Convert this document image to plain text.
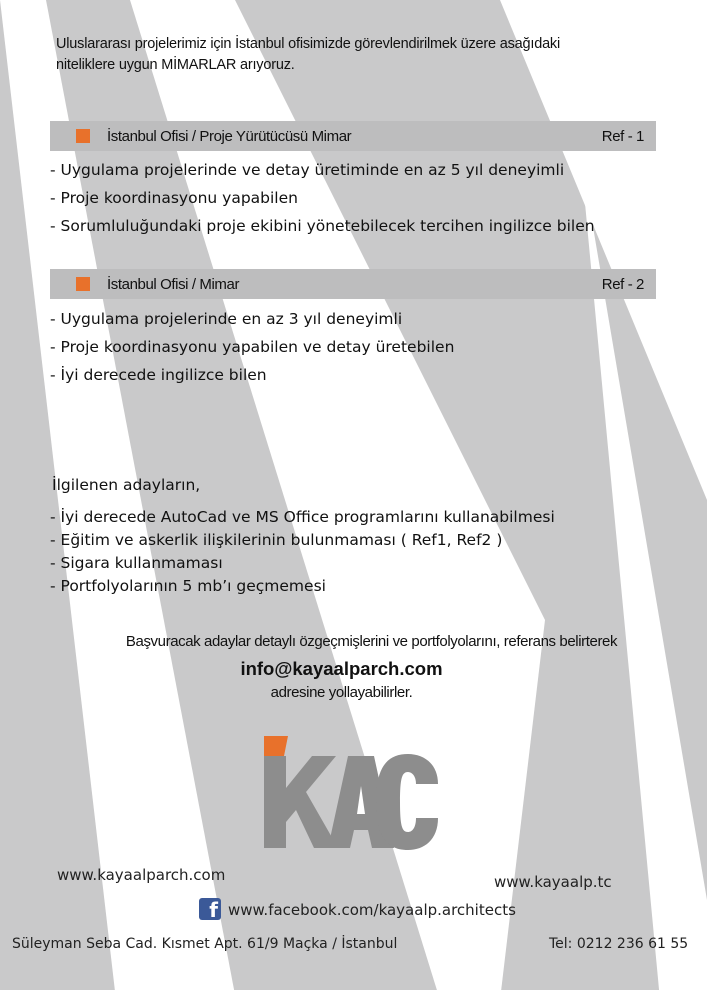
Uluslararası projelerimiz için İstanbul ofisimizde görevlendirilmek üzere asağıdaki

niteliklere uygun MİMARLAR arıyoruz.

İstanbul Ofisi / Proje Yürütücüsü Mimar	Ref - 1
- Uygulama projelerinde ve detay üretiminde en az 5 yıl deneyimli
- Proje koordinasyonu yapabilen
- Sorumluluğundaki proje ekibini yönetebilecek tercihen ingilizce bilen
İstanbul Ofisi / Mimar	Ref - 2
- Uygulama projelerinde en az 3 yıl deneyimli
- Proje koordinasyonu yapabilen ve detay üretebilen
- İyi derecede ingilizce bilen
İlgilenen adayların,
- İyi derecede AutoCad ve MS Office programlarını kullanabilmesi
- Eğitim ve askerlik ilişkilerinin bulunmaması ( Ref1, Ref2 )
- Sigara kullanmaması
- Portfolyolarının 5 mb’ı geçmemesi
Başvuracak adaylar detaylı özgeçmişlerini ve portfolyolarını, referans belirterek
info@kayaalparch.com
adresine yollayabilirler.
www.kayaalparch.com	www.kayaalp.tc
f www.facebook.com/kayaalp.architects
Süleyman Seba Cad. Kısmet Apt. 61/9 Maçka / İstanbul	Tel: 0212 236 61 55
